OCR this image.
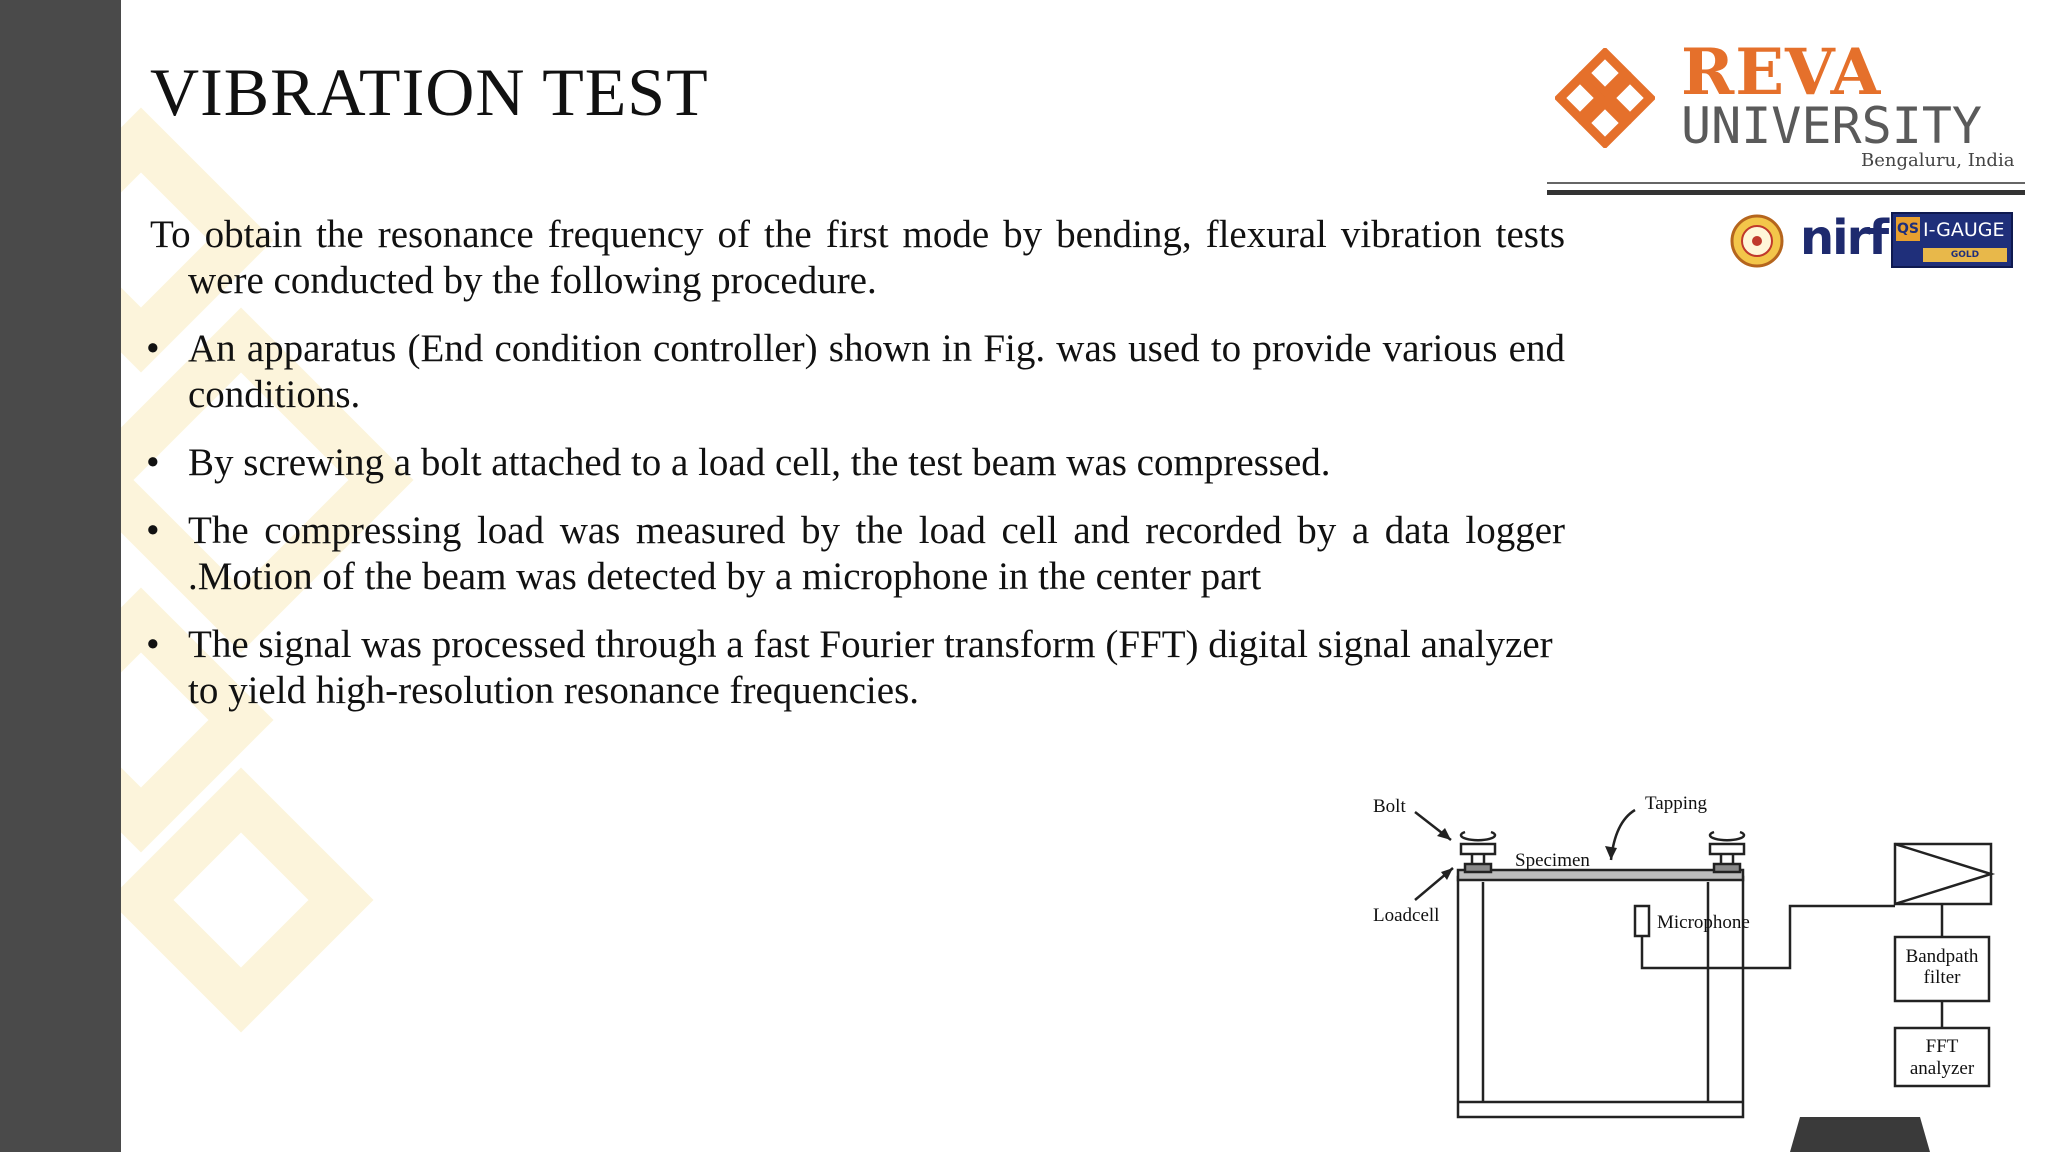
VIBRATION TEST	REVA
UNIVERSITY
Bengaluru, India
nirf QS I-GAUGE
GOLD

To obtain the resonance frequency of the first mode by bending, flexural vibration tests were conducted by the following procedure.

• An apparatus (End condition controller) shown in Fig. was used to provide various end conditions.
• By screwing a bolt attached to a load cell, the test beam was compressed.
• The compressing load was measured by the load cell and recorded by a data logger .Motion of the beam was detected by a microphone in the center part
• The signal was processed through a fast Fourier transform (FFT) digital signal analyzer to yield high-resolution resonance frequencies.
Bolt
Loadcell
Specimen
Tapping
Microphone
Bandpath
filter
FFT
analyzer
